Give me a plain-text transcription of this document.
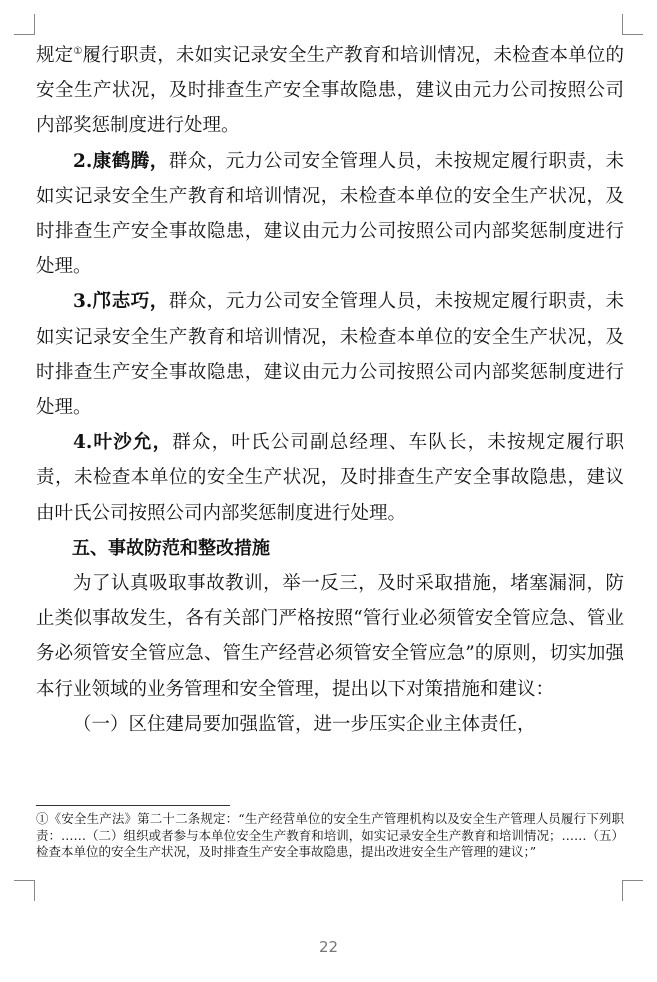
规定①履行职责，未如实记录安全生产教育和培训情况，未检查本单位的安全生产状况，及时排查生产安全事故隐患，建议由元力公司按照公司内部奖惩制度进行处理。

2.康鹤腾，群众，元力公司安全管理人员，未按规定履行职责，未如实记录安全生产教育和培训情况，未检查本单位的安全生产状况，及时排查生产安全事故隐患，建议由元力公司按照公司内部奖惩制度进行处理。

3.邝志巧，群众，元力公司安全管理人员，未按规定履行职责，未如实记录安全生产教育和培训情况，未检查本单位的安全生产状况，及时排查生产安全事故隐患，建议由元力公司按照公司内部奖惩制度进行处理。

4.叶沙允，群众，叶氏公司副总经理、车队长，未按规定履行职责，未检查本单位的安全生产状况，及时排查生产安全事故隐患，建议由叶氏公司按照公司内部奖惩制度进行处理。

五、事故防范和整改措施

为了认真吸取事故教训，举一反三，及时采取措施，堵塞漏洞，防止类似事故发生，各有关部门严格按照“管行业必须管安全管应急、管业务必须管安全管应急、管生产经营必须管安全管应急”的原则，切实加强本行业领域的业务管理和安全管理，提出以下对策措施和建议：

（一）区住建局要加强监管，进一步压实企业主体责任，

①《安全生产法》第二十二条规定：“生产经营单位的安全生产管理机构以及安全生产管理人员履行下列职责：……（二）组织或者参与本单位安全生产教育和培训，如实记录安全生产教育和培训情况；……（五）检查本单位的安全生产状况，及时排查生产安全事故隐患，提出改进安全生产管理的建议；”
22
